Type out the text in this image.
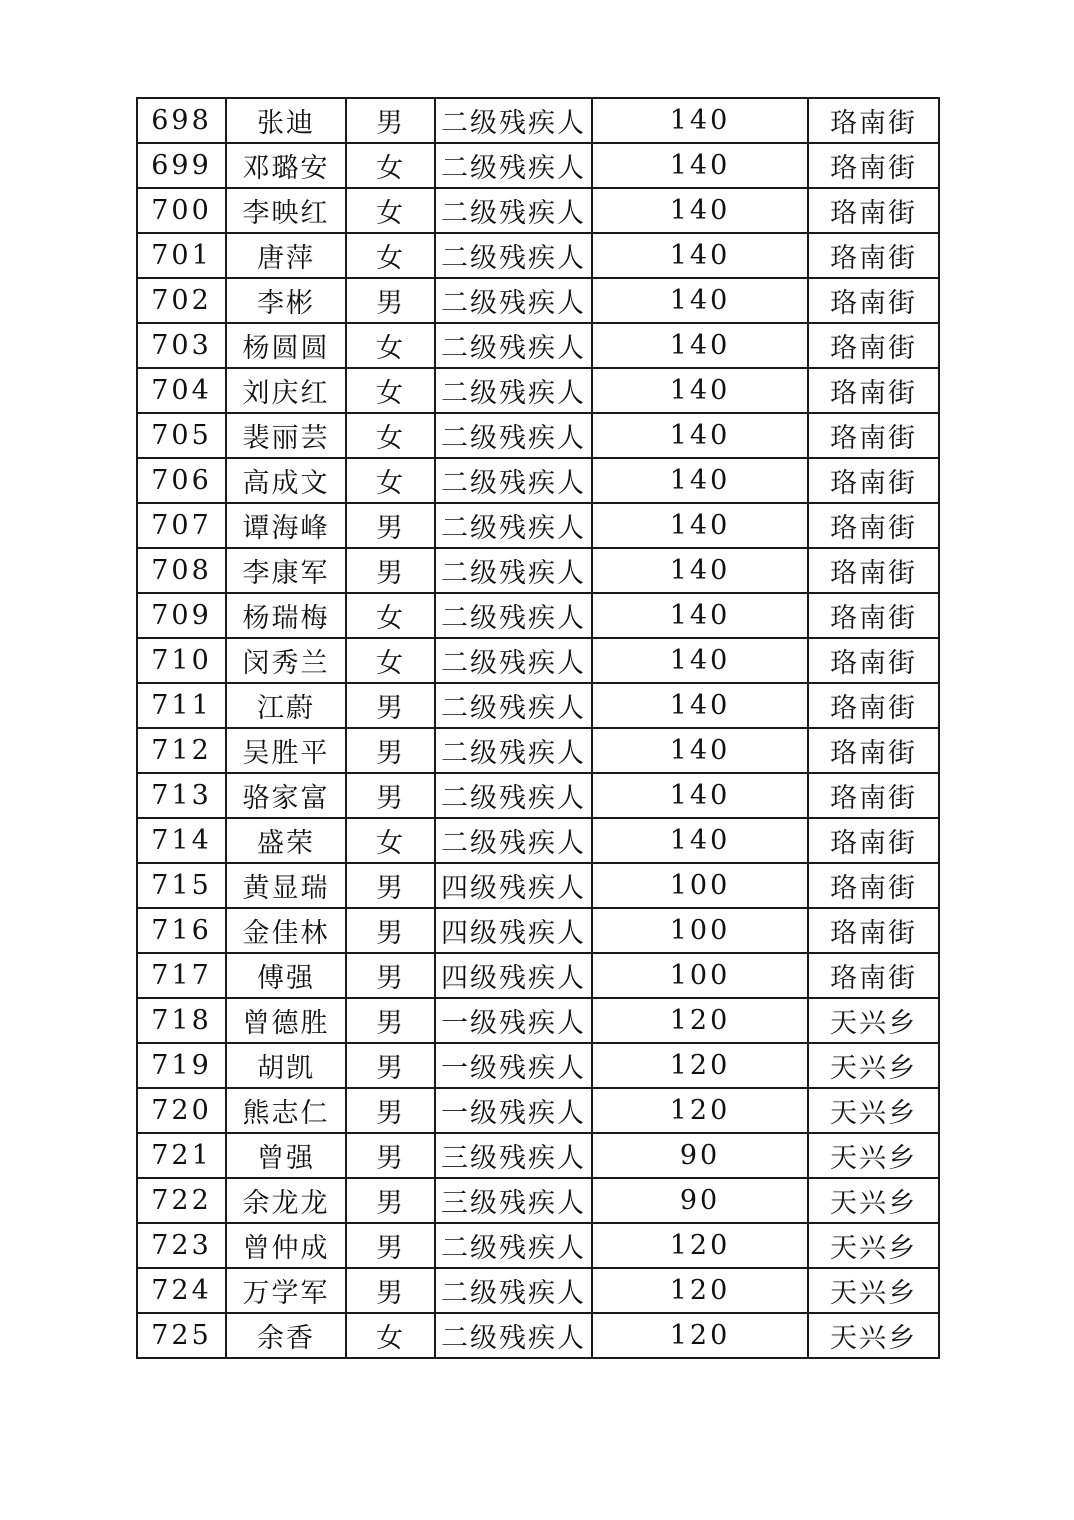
698	张迪	男	二级残疾人	140	珞南街
699	邓璐安	女	二级残疾人	140	珞南街
700	李映红	女	二级残疾人	140	珞南街
701	唐萍	女	二级残疾人	140	珞南街
702	李彬	男	二级残疾人	140	珞南街
703	杨圆圆	女	二级残疾人	140	珞南街
704	刘庆红	女	二级残疾人	140	珞南街
705	裴丽芸	女	二级残疾人	140	珞南街
706	高成文	女	二级残疾人	140	珞南街
707	谭海峰	男	二级残疾人	140	珞南街
708	李康军	男	二级残疾人	140	珞南街
709	杨瑞梅	女	二级残疾人	140	珞南街
710	闵秀兰	女	二级残疾人	140	珞南街
711	江蔚	男	二级残疾人	140	珞南街
712	吴胜平	男	二级残疾人	140	珞南街
713	骆家富	男	二级残疾人	140	珞南街
714	盛荣	女	二级残疾人	140	珞南街
715	黄显瑞	男	四级残疾人	100	珞南街
716	金佳林	男	四级残疾人	100	珞南街
717	傅强	男	四级残疾人	100	珞南街
718	曾德胜	男	一级残疾人	120	天兴乡
719	胡凯	男	一级残疾人	120	天兴乡
720	熊志仁	男	一级残疾人	120	天兴乡
721	曾强	男	三级残疾人	90	天兴乡
722	余龙龙	男	三级残疾人	90	天兴乡
723	曾仲成	男	二级残疾人	120	天兴乡
724	万学军	男	二级残疾人	120	天兴乡
725	余香	女	二级残疾人	120	天兴乡
